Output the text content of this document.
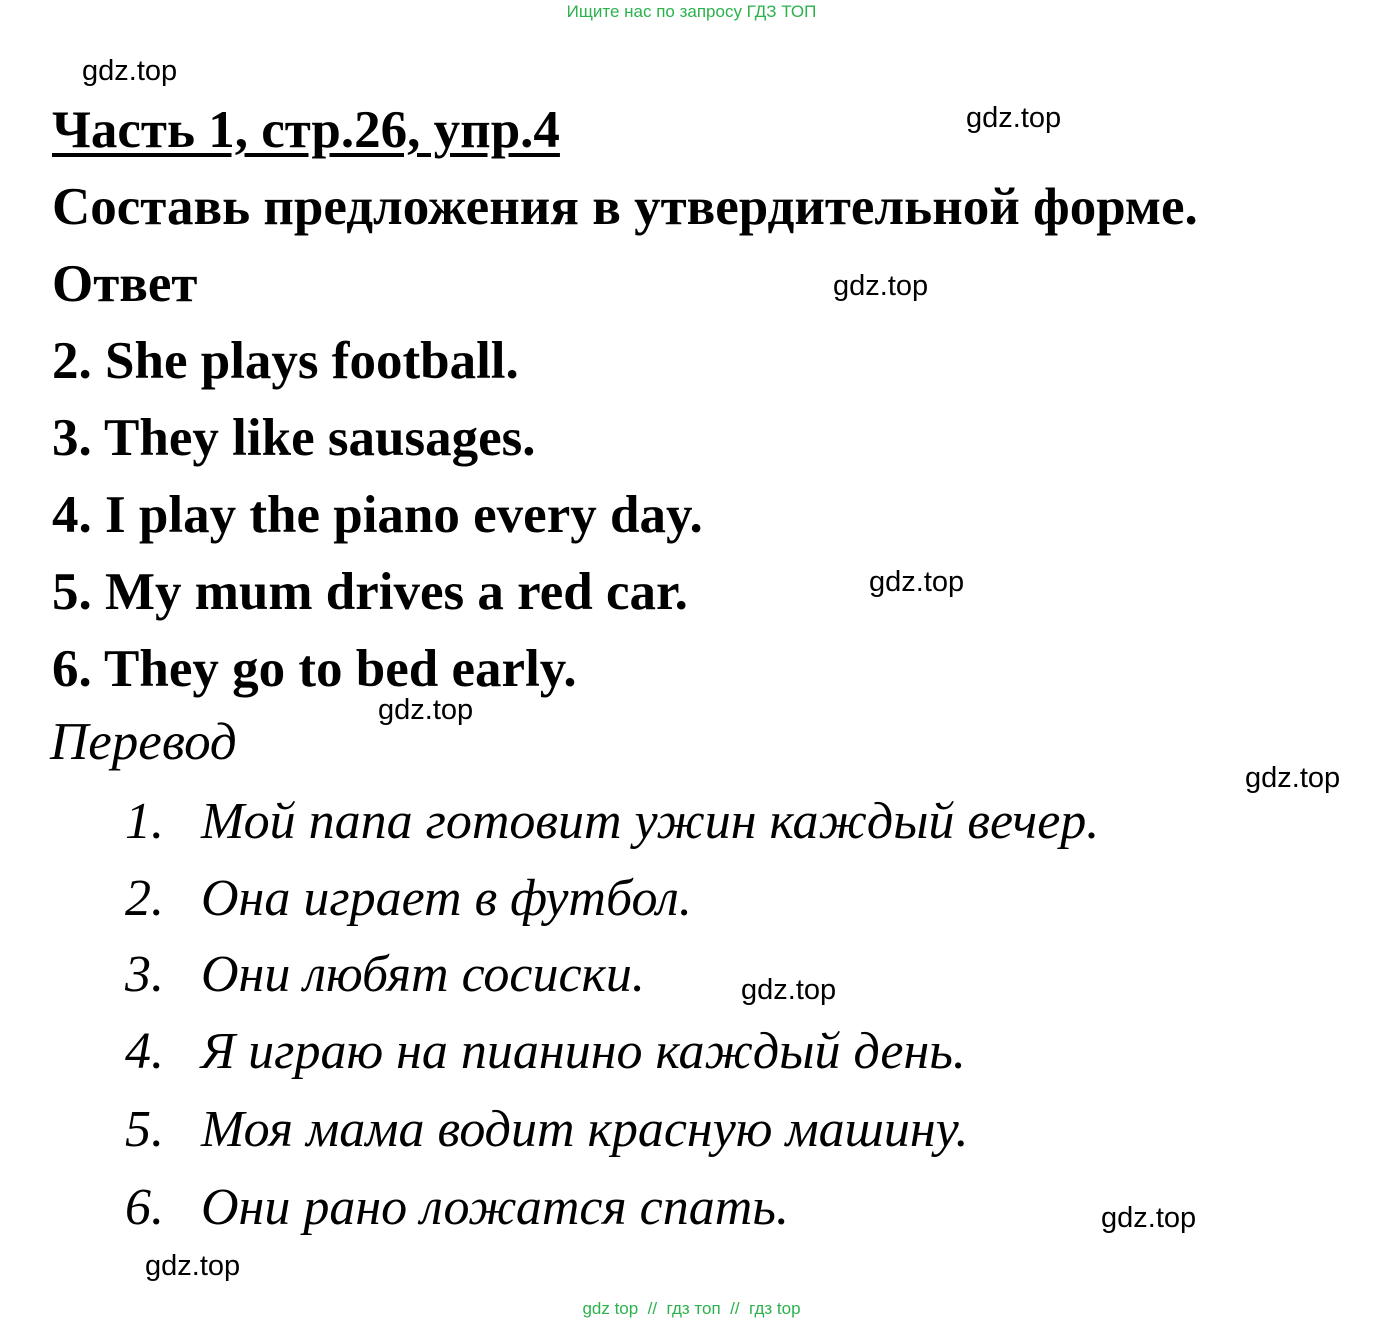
Ищите нас по запросу ГДЗ ТОП
gdz.top
gdz.top
gdz.top
gdz.top
gdz.top
gdz.top
gdz.top
gdz.top
gdz.top
Часть 1, стр.26, упр.4
Составь предложения в утвердительной форме.
Ответ
2. She plays football.
3. They like sausages.
4. I play the piano every day.
5. My mum drives a red car.
6. They go to bed early.
Перевод
1. Мой папа готовит ужин каждый вечер.
2. Она играет в футбол.
3. Они любят сосиски.
4. Я играю на пианино каждый день.
5. Моя мама водит красную машину.
6. Они рано ложатся спать.
gdz top  //  гдз топ  //  гдз top
